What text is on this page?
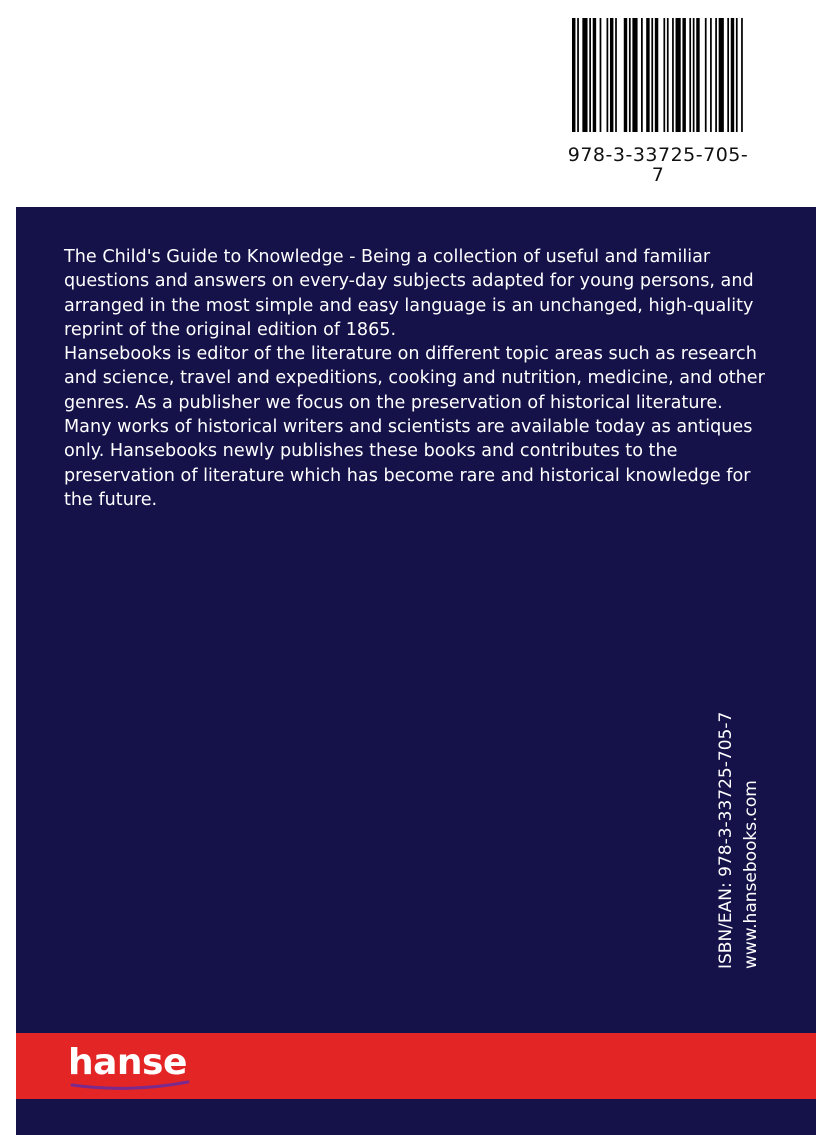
978-3-33725-705-7

The Child's Guide to Knowledge - Being a collection of useful and familiar questions and answers on every-day subjects adapted for young persons, and arranged in the most simple and easy language is an unchanged, high-quality reprint of the original edition of 1865.

Hansebooks is editor of the literature on different topic areas such as research and science, travel and expeditions, cooking and nutrition, medicine, and other genres. As a publisher we focus on the preservation of historical literature. Many works of historical writers and scientists are available today as antiques only. Hansebooks newly publishes these books and contributes to the preservation of literature which has become rare and historical knowledge for the future.

ISBN/EAN: 978-3-33725-705-7 www.hansebooks.com
hanse
